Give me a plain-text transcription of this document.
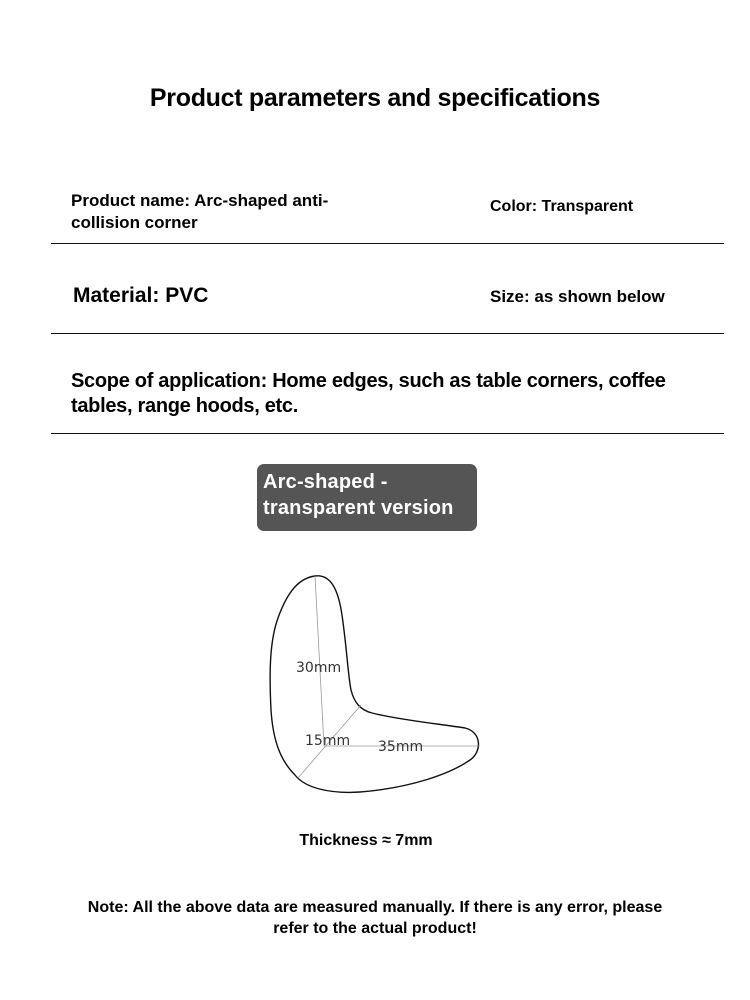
Product parameters and specifications
Product name: Arc-shaped anti-
collision corner
Color: Transparent
Material: PVC	Size: as shown below
Scope of application: Home edges, such as table corners, coffee
tables, range hoods, etc.
Arc-shaped -
transparent version
30mm
15mm 35mm
Thickness ≈ 7mm
Note: All the above data are measured manually. If there is any error, please
refer to the actual product!
